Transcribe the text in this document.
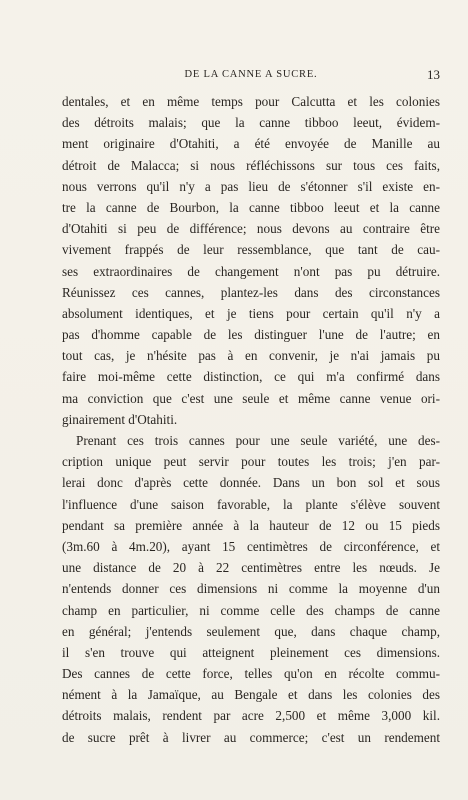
DE LA CANNE A SUCRE.	13
dentales, et en même temps pour Calcutta et les colonies
des détroits malais; que la canne tibboo leeut, évidem-
ment originaire d'Otahiti, a été envoyée de Manille au
détroit de Malacca; si nous réfléchissons sur tous ces faits,
nous verrons qu'il n'y a pas lieu de s'étonner s'il existe en-
tre la canne de Bourbon, la canne tibboo leeut et la canne
d'Otahiti si peu de différence; nous devons au contraire être
vivement frappés de leur ressemblance, que tant de cau-
ses extraordinaires de changement n'ont pas pu détruire.
Réunissez ces cannes, plantez-les dans des circonstances
absolument identiques, et je tiens pour certain qu'il n'y a
pas d'homme capable de les distinguer l'une de l'autre; en
tout cas, je n'hésite pas à en convenir, je n'ai jamais pu
faire moi-même cette distinction, ce qui m'a confirmé dans
ma conviction que c'est une seule et même canne venue ori-
ginairement d'Otahiti.
Prenant ces trois cannes pour une seule variété, une des-
cription unique peut servir pour toutes les trois; j'en par-
lerai donc d'après cette donnée. Dans un bon sol et sous
l'influence d'une saison favorable, la plante s'élève souvent
pendant sa première année à la hauteur de 12 ou 15 pieds
(3m.60 à 4m.20), ayant 15 centimètres de circonférence, et
une distance de 20 à 22 centimètres entre les nœuds. Je
n'entends donner ces dimensions ni comme la moyenne d'un
champ en particulier, ni comme celle des champs de canne
en général; j'entends seulement que, dans chaque champ,
il s'en trouve qui atteignent pleinement ces dimensions.
Des cannes de cette force, telles qu'on en récolte commu-
nément à la Jamaïque, au Bengale et dans les colonies des
détroits malais, rendent par acre 2,500 et même 3,000 kil.
de sucre prêt à livrer au commerce; c'est un rendement
